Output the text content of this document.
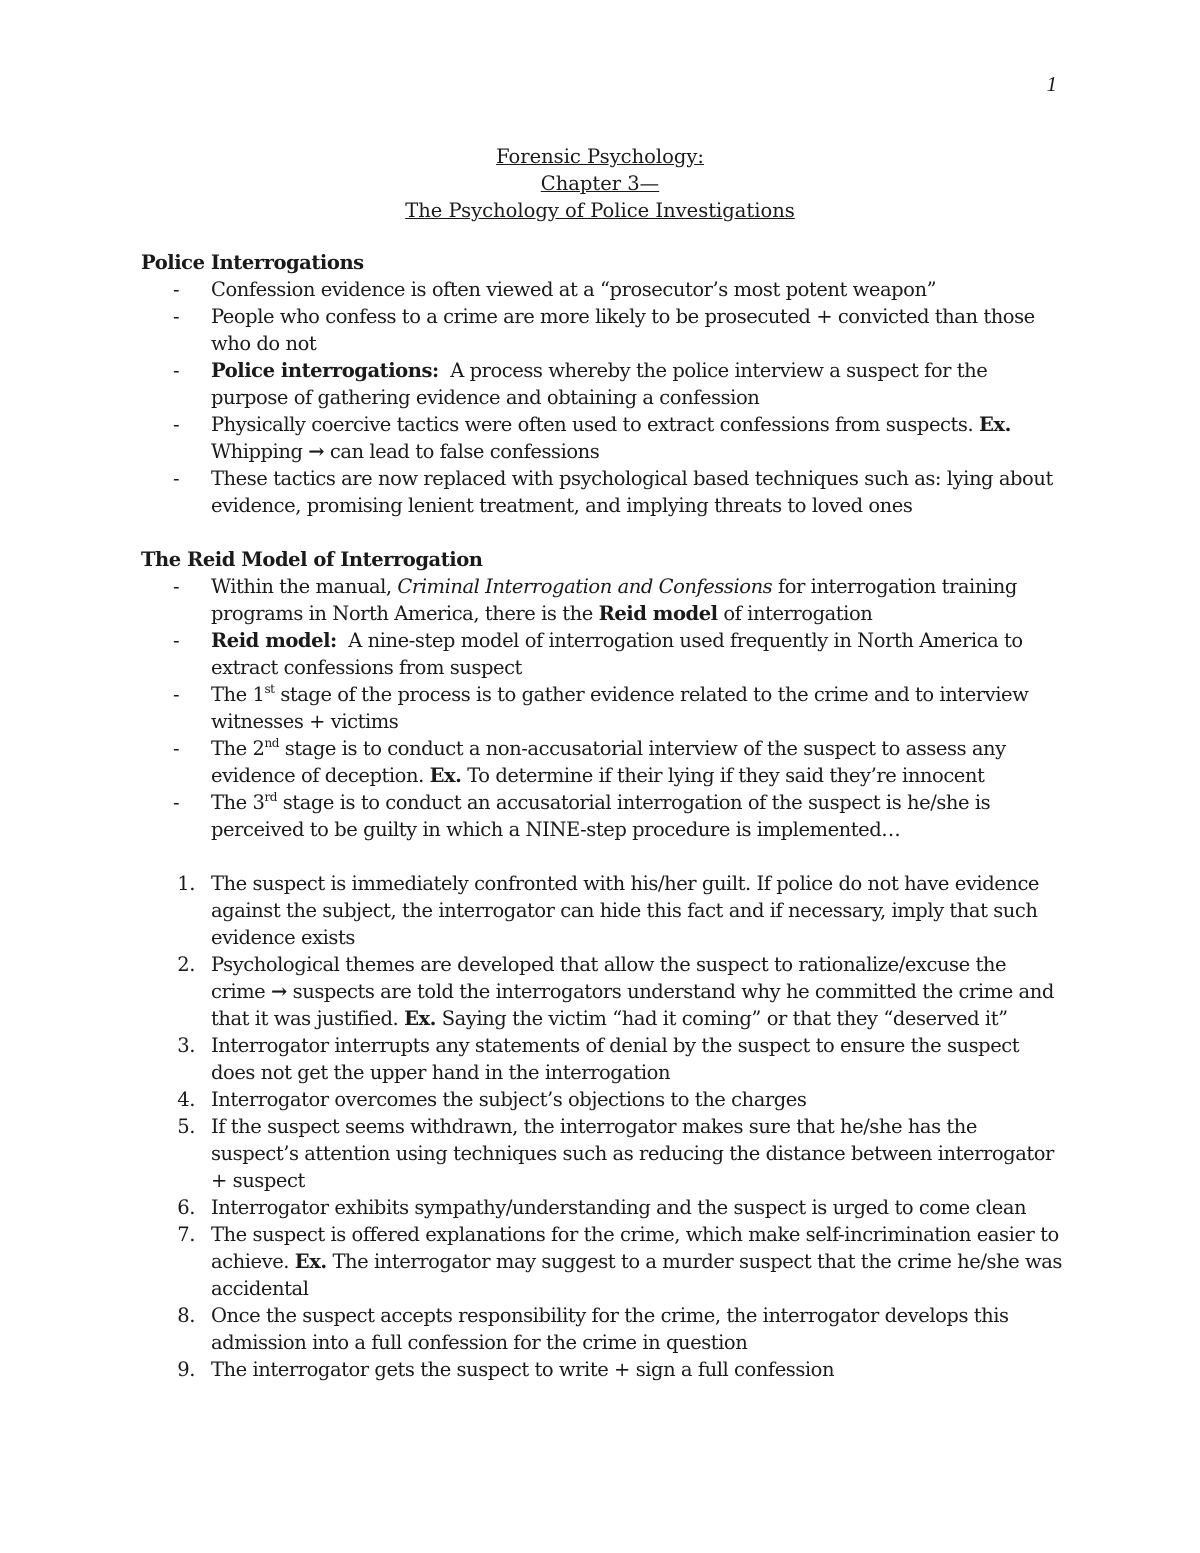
1
Forensic Psychology:
Chapter 3—
The Psychology of Police Investigations

Police Interrogations

- Confession evidence is often viewed at a “prosecutor’s most potent weapon”
- People who confess to a crime are more likely to be prosecuted + convicted than those who do not
- Police interrogations: A process whereby the police interview a suspect for the purpose of gathering evidence and obtaining a confession
- Physically coercive tactics were often used to extract confessions from suspects. Ex. Whipping → can lead to false confessions
- These tactics are now replaced with psychological based techniques such as: lying about evidence, promising lenient treatment, and implying threats to loved ones

The Reid Model of Interrogation

- Within the manual, Criminal Interrogation and Confessions for interrogation training programs in North America, there is the Reid model of interrogation
- Reid model: A nine-step model of interrogation used frequently in North America to extract confessions from suspect
- The 1st stage of the process is to gather evidence related to the crime and to interview witnesses + victims
- The 2nd stage is to conduct a non-accusatorial interview of the suspect to assess any evidence of deception. Ex. To determine if their lying if they said they’re innocent
- The 3rd stage is to conduct an accusatorial interrogation of the suspect is he/she is perceived to be guilty in which a NINE-step procedure is implemented…
1. The suspect is immediately confronted with his/her guilt. If police do not have evidence against the subject, the interrogator can hide this fact and if necessary, imply that such evidence exists
2. Psychological themes are developed that allow the suspect to rationalize/excuse the crime → suspects are told the interrogators understand why he committed the crime and that it was justified. Ex. Saying the victim “had it coming” or that they “deserved it”
3. Interrogator interrupts any statements of denial by the suspect to ensure the suspect does not get the upper hand in the interrogation
4. Interrogator overcomes the subject’s objections to the charges
5. If the suspect seems withdrawn, the interrogator makes sure that he/she has the suspect’s attention using techniques such as reducing the distance between interrogator + suspect
6. Interrogator exhibits sympathy/understanding and the suspect is urged to come clean
7. The suspect is offered explanations for the crime, which make self-incrimination easier to achieve. Ex. The interrogator may suggest to a murder suspect that the crime he/she was accidental
8. Once the suspect accepts responsibility for the crime, the interrogator develops this admission into a full confession for the crime in question
9. The interrogator gets the suspect to write + sign a full confession
